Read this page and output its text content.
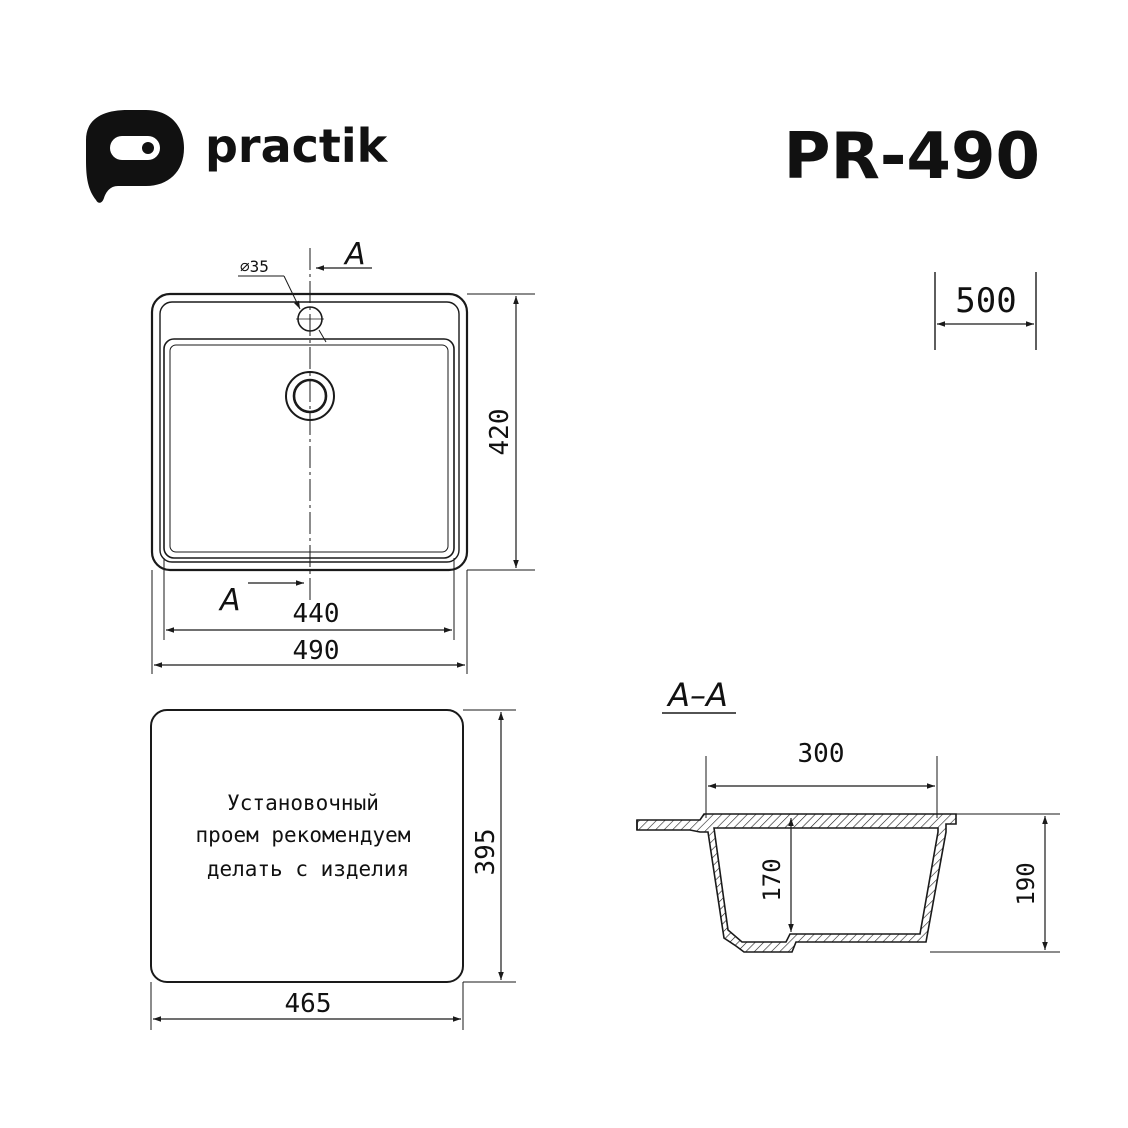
practik	PR-490
A
A
⌀35
420
440
490
500
Установочный
проем рекомендуем
делать с изделия 395
465
A–A
300
170	190
